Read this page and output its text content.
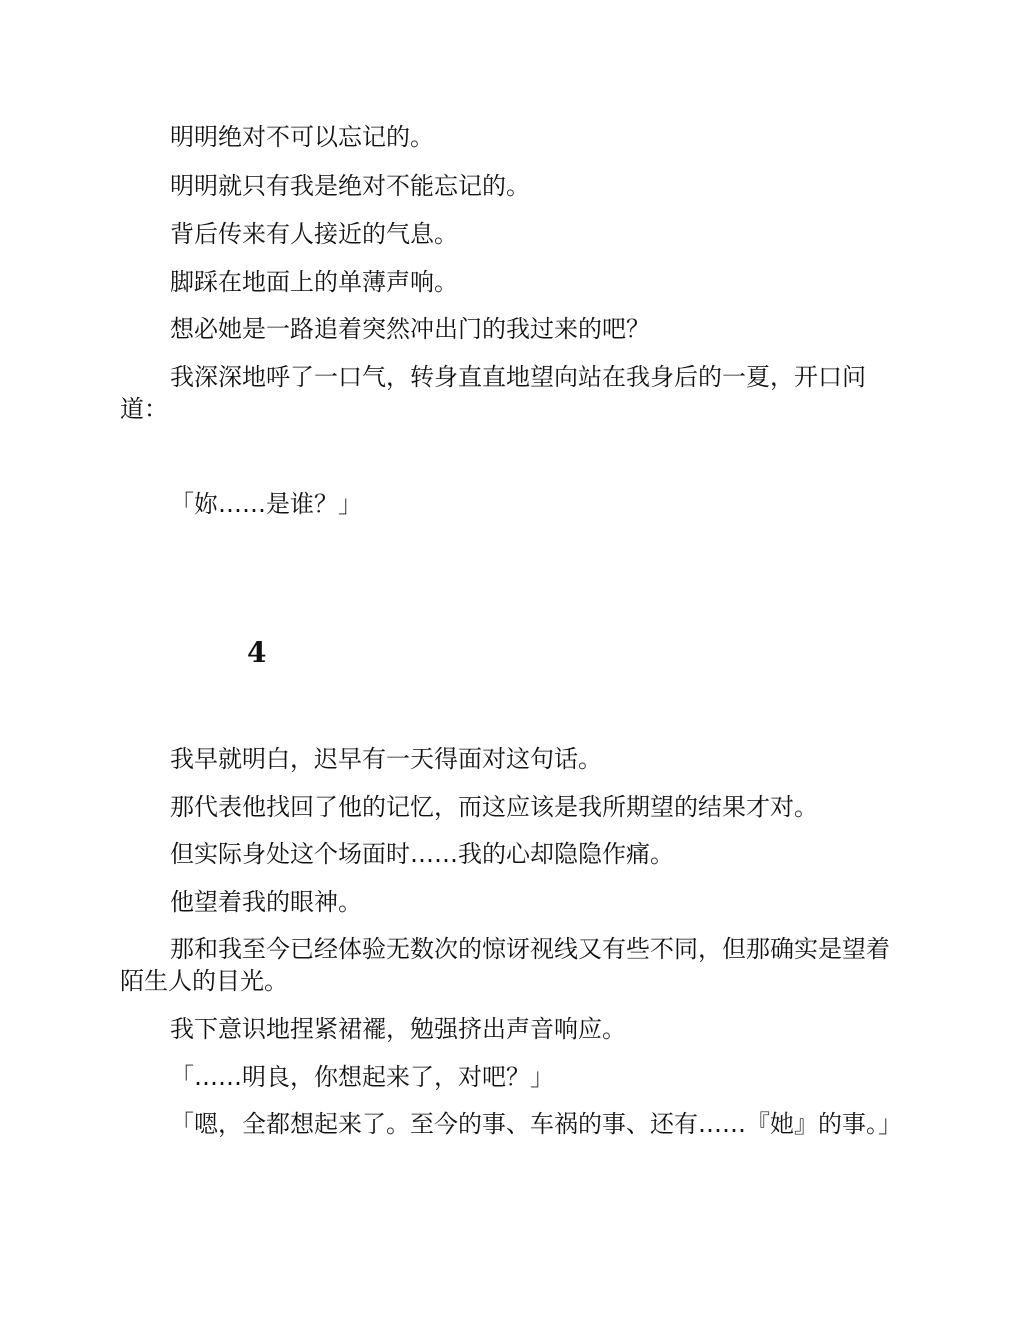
明明绝对不可以忘记的。
明明就只有我是绝对不能忘记的。
背后传来有人接近的气息。
脚踩在地面上的单薄声响。
想必她是一路追着突然冲出门的我过来的吧？
我深深地呼了一口气，转身直直地望向站在我身后的一夏，开口问道：
「妳……是谁？」
4
我早就明白，迟早有一天得面对这句话。
那代表他找回了他的记忆，而这应该是我所期望的结果才对。
但实际身处这个场面时……我的心却隐隐作痛。
他望着我的眼神。
那和我至今已经体验无数次的惊讶视线又有些不同，但那确实是望着陌生人的目光。
我下意识地捏紧裙襬，勉强挤出声音响应。
「……明良，你想起来了，对吧？」
「嗯，全都想起来了。至今的事、车祸的事、还有……『她』的事。」
